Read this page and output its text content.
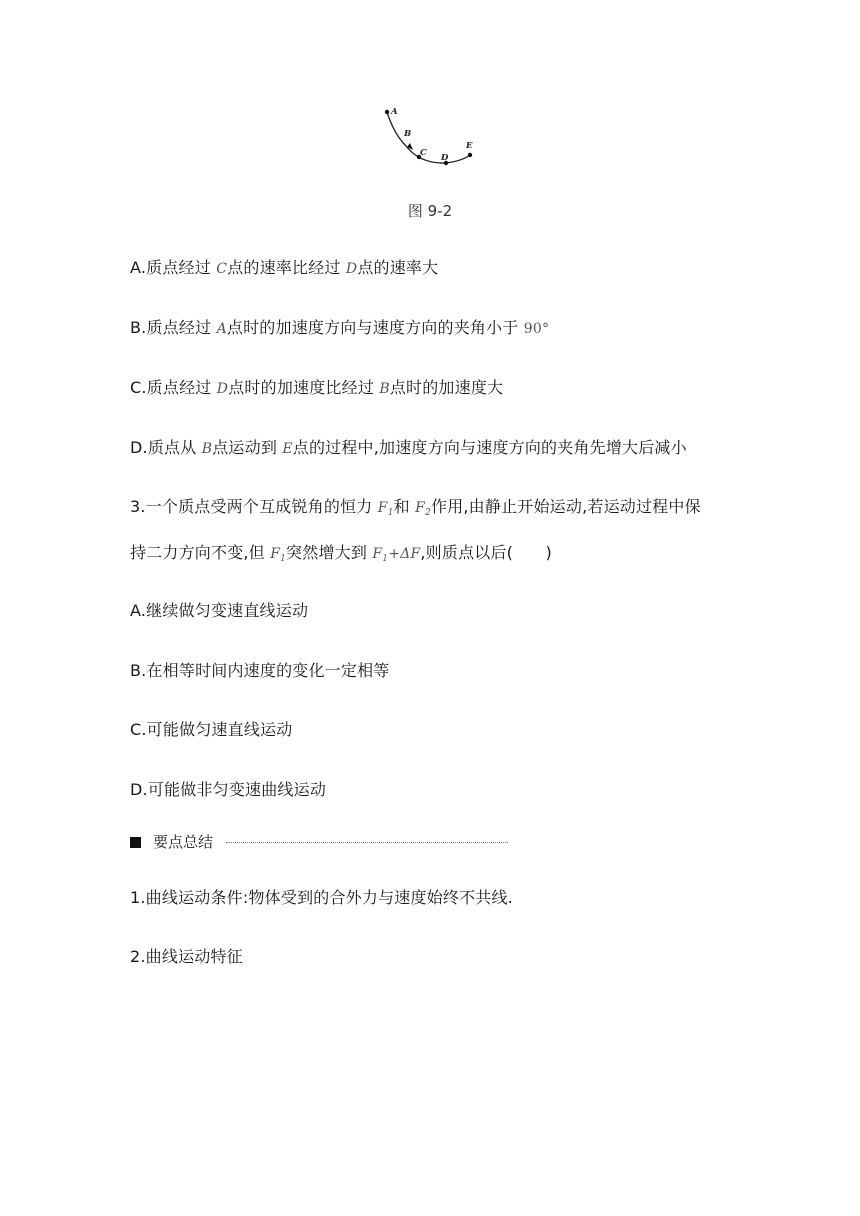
A
B
C D
E
图 9-2
A.质点经过 C点的速率比经过 D点的速率大
B.质点经过 A点时的加速度方向与速度方向的夹角小于 90°
C.质点经过 D点时的加速度比经过 B点时的加速度大
D.质点从 B点运动到 E点的过程中,加速度方向与速度方向的夹角先增大后减小
3.一个质点受两个互成锐角的恒力 $F_1$和 $F_2$作用,由静止开始运动,若运动过程中保
持二力方向不变,但 $F_1$突然增大到 $F_1+\Delta F$,则质点以后(　　)
A.继续做匀变速直线运动
B.在相等时间内速度的变化一定相等
C.可能做匀速直线运动
D.可能做非匀变速曲线运动
要点总结
1.曲线运动条件:物体受到的合外力与速度始终不共线.
2.曲线运动特征
